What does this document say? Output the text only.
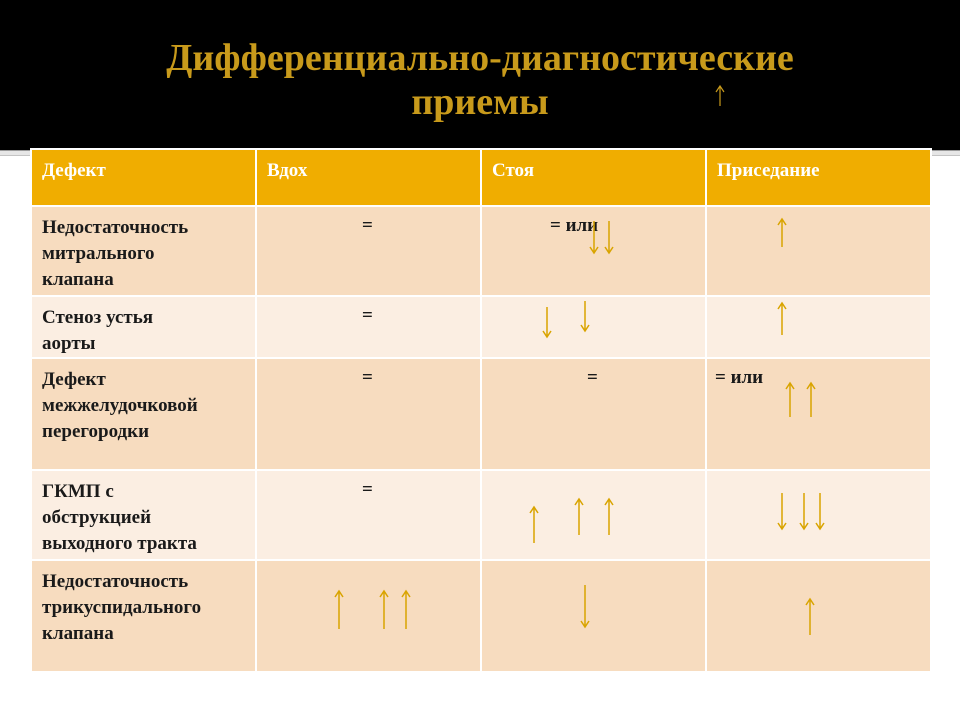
Дифференциально-диагностические
приемы
Дефект	Вдох	Стоя	Приседание

Недостаточность
митрального
клапана	=	= или

Стеноз устья
аорты	=

Дефект
межжелудочковой
перегородки	=	=	= или

ГКМП с
обструкцией
выходного тракта	=

Недостаточность
трикуспидального
клапана
